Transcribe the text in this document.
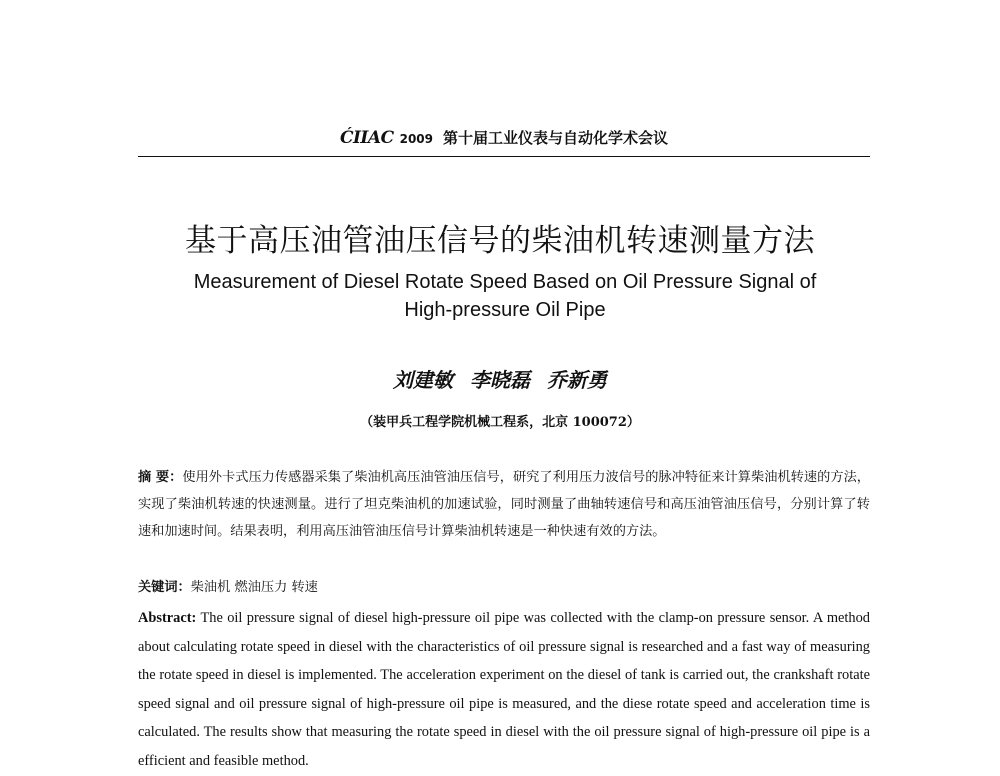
ĆIIAC 2009 第十届工业仪表与自动化学术会议
基于高压油管油压信号的柴油机转速测量方法
Measurement of Diesel Rotate Speed Based on Oil Pressure Signal of High-pressure Oil Pipe
刘建敏 李晓磊 乔新勇
（装甲兵工程学院机械工程系，北京 100072）
摘 要：使用外卡式压力传感器采集了柴油机高压油管油压信号，研究了利用压力波信号的脉冲特征来计算柴油机转速的方法，实现了柴油机转速的快速测量。进行了坦克柴油机的加速试验，同时测量了曲轴转速信号和高压油管油压信号，分别计算了转速和加速时间。结果表明，利用高压油管油压信号计算柴油机转速是一种快速有效的方法。
关键词：柴油机 燃油压力 转速
Abstract: The oil pressure signal of diesel high-pressure oil pipe was collected with the clamp-on pressure sensor. A method about calculating rotate speed in diesel with the characteristics of oil pressure signal is researched and a fast way of measuring the rotate speed in diesel is implemented. The acceleration experiment on the diesel of tank is carried out, the crankshaft rotate speed signal and oil pressure signal of high-pressure oil pipe is measured, and the diese rotate speed and acceleration time is calculated. The results show that measuring the rotate speed in diesel with the oil pressure signal of high-pressure oil pipe is a efficient and feasible method.
